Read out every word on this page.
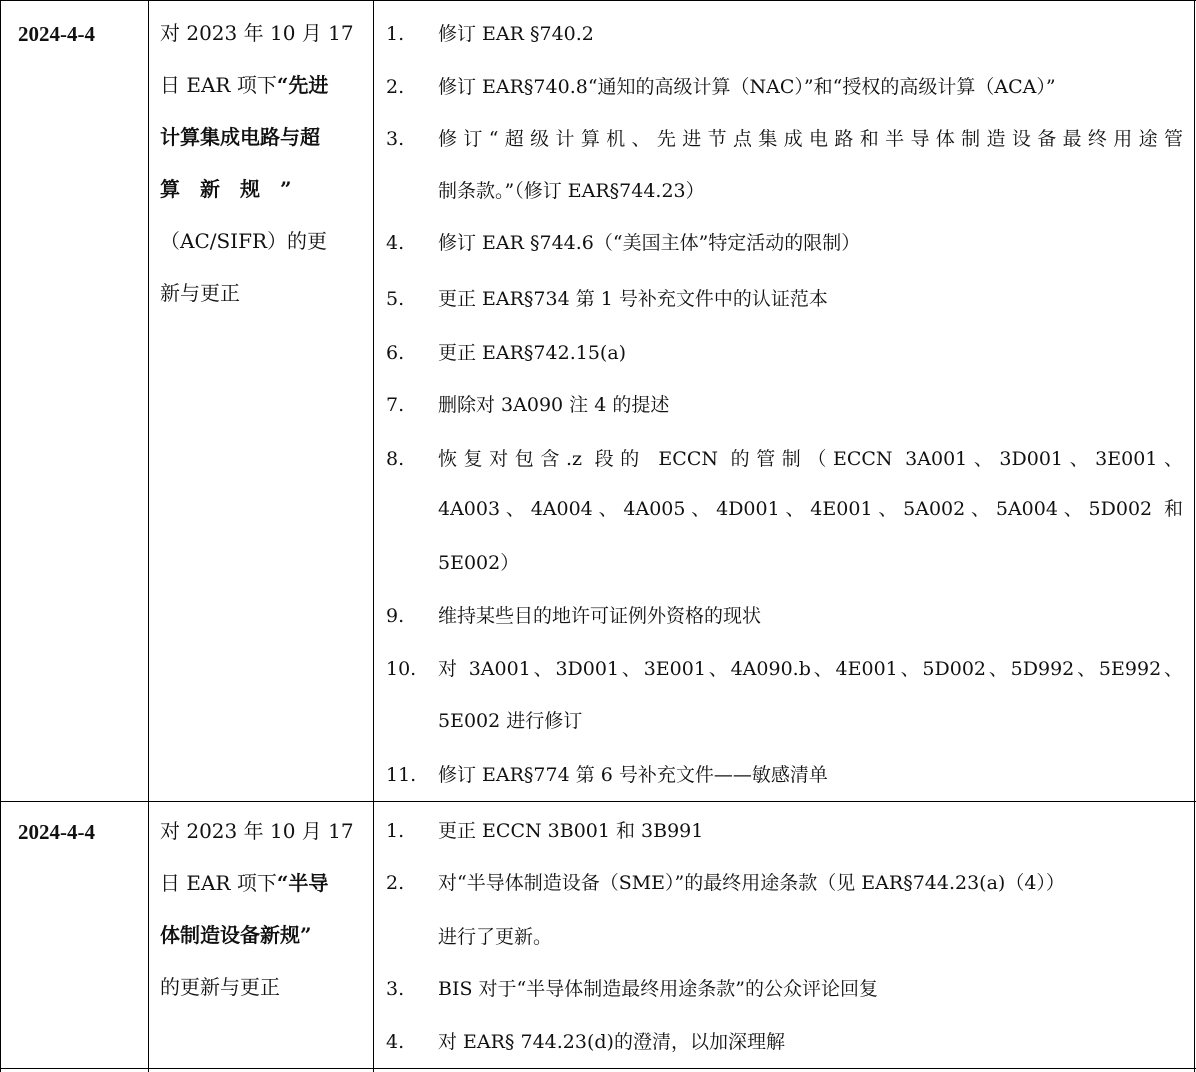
2024-4-4	对 2023 年 10 月 17
日 EAR 项下“先进
计算集成电路与超
算　新　规　”
（AC/SIFR）的更
新与更正
1.	修订 EAR §740.2
2.	修订 EAR§740.8“通知的高级计算（NAC）”和“授权的高级计算（ACA）”
3.	修订“超级计算机、先进节点集成电路和半导体制造设备最终用途管
制条款。”（修订 EAR§744.23）
4.	修订 EAR §744.6（“美国主体”特定活动的限制）
5.	更正 EAR§734 第 1 号补充文件中的认证范本
6.	更正 EAR§742.15(a)
7.	删除对 3A090 注 4 的提述
8.	恢复对包含.z 段的 ECCN 的管制（ECCN 3A001、3D001、3E001、
4A003、4A004、4A005、4D001、4E001、5A002、5A004、5D002 和
5E002）
9.	维持某些目的地许可证例外资格的现状
10.	对 3A001、3D001、3E001、4A090.b、4E001、5D002、5D992、5E992、
5E002 进行修订
11.	修订 EAR§774 第 6 号补充文件——敏感清单
2024-4-4	对 2023 年 10 月 17
日 EAR 项下“半导
体制造设备新规”
的更新与更正
1.	更正 ECCN 3B001 和 3B991
2.	对“半导体制造设备（SME）”的最终用途条款（见 EAR§744.23(a)（4））
进行了更新。
3.	BIS 对于“半导体制造最终用途条款”的公众评论回复
4.	对 EAR§ 744.23(d)的澄清，以加深理解
